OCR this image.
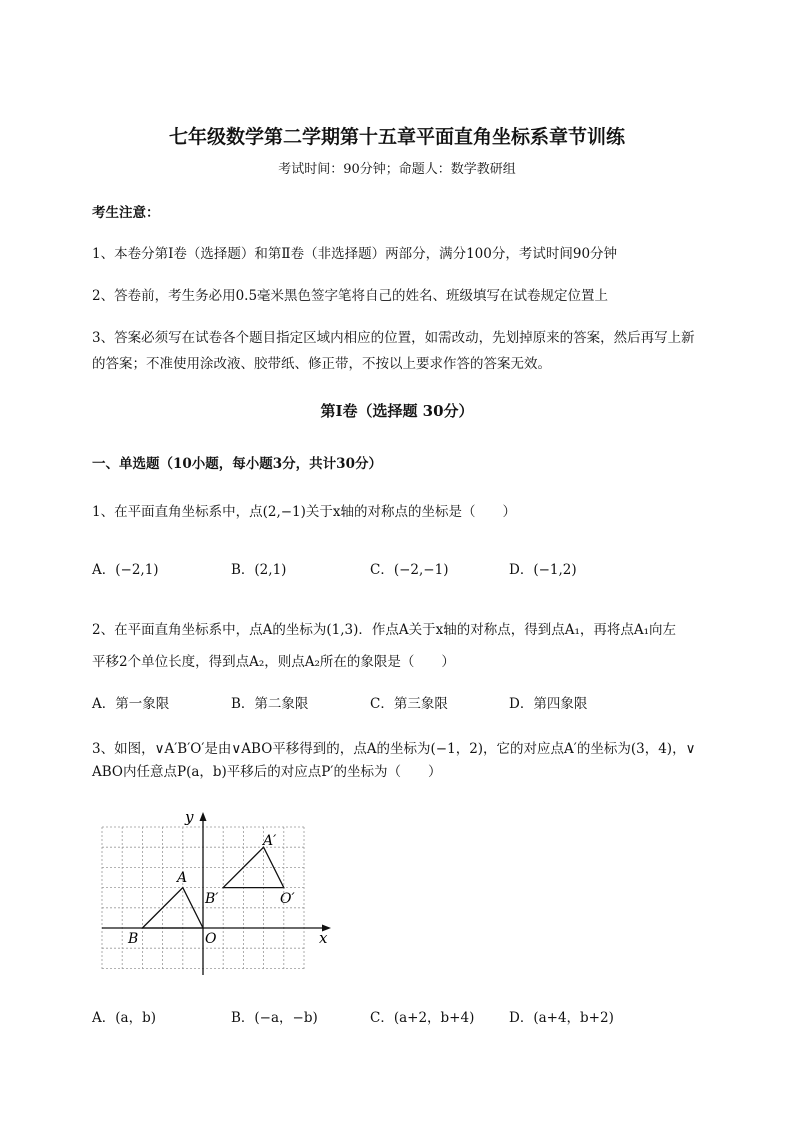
七年级数学第二学期第十五章平面直角坐标系章节训练
考试时间：90分钟；命题人：数学教研组
考生注意：
1、本卷分第Ⅰ卷（选择题）和第Ⅱ卷（非选择题）两部分，满分100分，考试时间90分钟
2、答卷前，考生务必用0.5毫米黑色签字笔将自己的姓名、班级填写在试卷规定位置上
3、答案必须写在试卷各个题目指定区域内相应的位置，如需改动，先划掉原来的答案，然后再写上新
的答案；不准使用涂改液、胶带纸、修正带，不按以上要求作答的答案无效。
第Ⅰ卷（选择题 30分）
一、单选题（10小题，每小题3分，共计30分）
1、在平面直角坐标系中，点(2,−1)关于x轴的对称点的坐标是（　　）
A．(−2,1)	B．(2,1)	C．(−2,−1)	D．(−1,2)
2、在平面直角坐标系中，点A的坐标为(1,3)．作点A关于x轴的对称点，得到点A₁，再将点A₁向左
平移2个单位长度，得到点A₂，则点A₂所在的象限是（　　）
A．第一象限	B．第二象限	C．第三象限	D．第四象限
3、如图，∨A′B′O′是由∨ABO平移得到的，点A的坐标为(−1，2)，它的对应点A′的坐标为(3，4)，∨
ABO内任意点P(a，b)平移后的对应点P′的坐标为（　　）
x
y
O
A
B
A′
B′	O′
A．(a，b)	B．(−a，−b)	C．(a+2，b+4)	D．(a+4，b+2)
